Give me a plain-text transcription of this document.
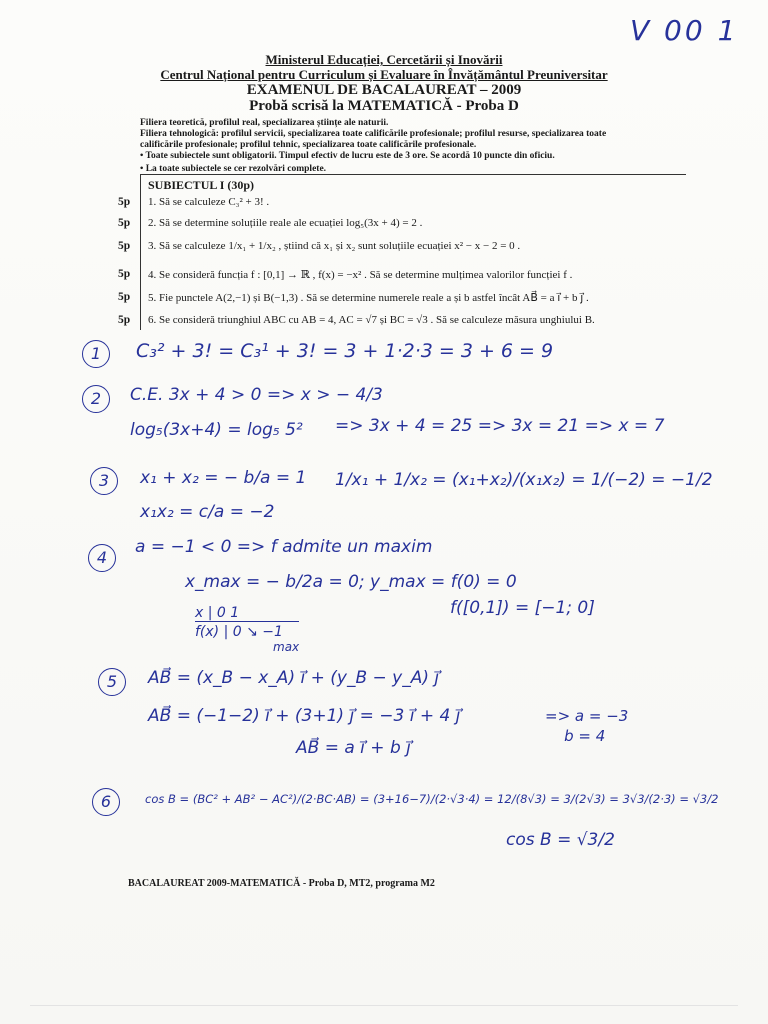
V 00 1
Ministerul Educației, Cercetării și Inovării
Centrul Național pentru Curriculum și Evaluare în Învățământul Preuniversitar
EXAMENUL DE BACALAUREAT – 2009
Probă scrisă la MATEMATICĂ - Proba D
Filiera teoretică, profilul real, specializarea științe ale naturii.
Filiera tehnologică: profilul servicii, specializarea toate calificările profesionale; profilul resurse, specializarea toate
calificările profesionale; profilul tehnic, specializarea toate calificările profesionale.
• Toate subiectele sunt obligatorii. Timpul efectiv de lucru este de 3 ore. Se acordă 10 puncte din oficiu.
• La toate subiectele se cer rezolvări complete.
SUBIECTUL I (30p)
5p 1. Să se calculeze C₃² + 3! .
5p 2. Să se determine soluțiile reale ale ecuației log₅(3x + 4) = 2 .
5p 3. Să se calculeze 1/x₁ + 1/x₂ , știind că x₁ și x₂ sunt soluțiile ecuației x² − x − 2 = 0 .
5p 4. Se consideră funcția f : [0,1] → ℝ , f(x) = −x² . Să se determine mulțimea valorilor funcției f .
5p 5. Fie punctele A(2,−1) și B(−1,3) . Să se determine numerele reale a și b astfel încât AB⃗ = a i⃗ + b j⃗ .
5p 6. Se consideră triunghiul ABC cu AB = 4, AC = √7 și BC = √3 . Să se calculeze măsura unghiului B.
1	C₃² + 3! = C₃¹ + 3! = 3 + 1·2·3 = 3 + 6 = 9
2	C.E. 3x + 4 > 0 => x > − 4/3
log₅(3x+4) = log₅ 5² => 3x + 4 = 25 => 3x = 21 => x = 7
3	x₁ + x₂ = − b/a = 1
x₁x₂ = c/a = −2
1/x₁ + 1/x₂ = (x₁+x₂)/(x₁x₂) = 1/(−2) = −1/2
4
a = −1 < 0 => f admite un maxim
x_max = − b/2a = 0; y_max = f(0) = 0
x | 0 1
f(x) | 0 ↘ −1
max
f([0,1]) = [−1; 0]
5	AB⃗ = (x_B − x_A) i⃗ + (y_B − y_A) j⃗
AB⃗ = (−1−2) i⃗ + (3+1) j⃗ = −3 i⃗ + 4 j⃗
AB⃗ = a i⃗ + b j⃗
=> a = −3
b = 4
6	cos B = (BC² + AB² − AC²)/(2·BC·AB) = (3+16−7)/(2·√3·4) = 12/(8√3) = 3/(2√3) = 3√3/(2·3) = √3/2
cos B = √3/2
BACALAUREAT 2009-MATEMATICĂ - Proba D, MT2, programa M2
